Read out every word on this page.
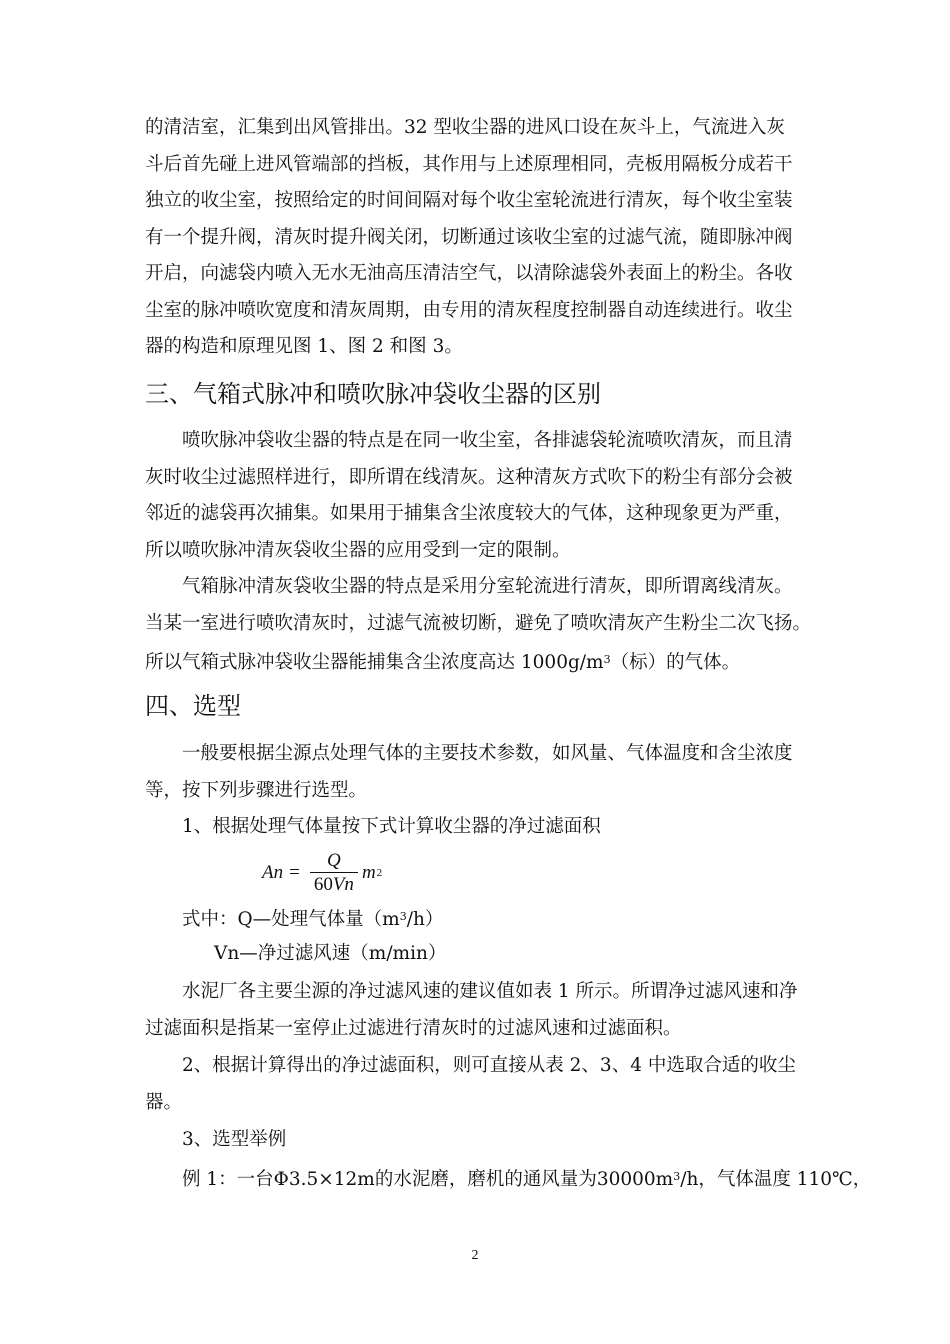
的清洁室，汇集到出风管排出。32 型收尘器的进风口设在灰斗上，气流进入灰
斗后首先碰上进风管端部的挡板，其作用与上述原理相同，壳板用隔板分成若干
独立的收尘室，按照给定的时间间隔对每个收尘室轮流进行清灰，每个收尘室装
有一个提升阀，清灰时提升阀关闭，切断通过该收尘室的过滤气流，随即脉冲阀
开启，向滤袋内喷入无水无油高压清洁空气，以清除滤袋外表面上的粉尘。各收
尘室的脉冲喷吹宽度和清灰周期，由专用的清灰程度控制器自动连续进行。收尘
器的构造和原理见图 1、图 2 和图 3。

三、气箱式脉冲和喷吹脉冲袋收尘器的区别

喷吹脉冲袋收尘器的特点是在同一收尘室，各排滤袋轮流喷吹清灰，而且清
灰时收尘过滤照样进行，即所谓在线清灰。这种清灰方式吹下的粉尘有部分会被
邻近的滤袋再次捕集。如果用于捕集含尘浓度较大的气体，这种现象更为严重，
所以喷吹脉冲清灰袋收尘器的应用受到一定的限制。

气箱脉冲清灰袋收尘器的特点是采用分室轮流进行清灰，即所谓离线清灰。
当某一室进行喷吹清灰时，过滤气流被切断，避免了喷吹清灰产生粉尘二次飞扬。
所以气箱式脉冲袋收尘器能捕集含尘浓度高达 $1000g/m^3$（标）的气体。

四、选型

一般要根据尘源点处理气体的主要技术参数，如风量、气体温度和含尘浓度
等，按下列步骤进行选型。

1、根据处理气体量按下式计算收尘器的净过滤面积

$An = \frac{Q}{60Vn}$ m 2

式中：Q—处理气体量$(m^3/h)$

Vn—净过滤风速（m/min）

水泥厂各主要尘源的净过滤风速的建议值如表 1 所示。所谓净过滤风速和净
过滤面积是指某一室停止过滤进行清灰时的过滤风速和过滤面积。

2、根据计算得出的净过滤面积，则可直接从表 2、3、4 中选取合适的收尘
器。

3、选型举例

例 1：一台Φ3.5×12m的水泥磨，磨机的通风量为$30000m^3/h$，气体温度 110℃，

2
